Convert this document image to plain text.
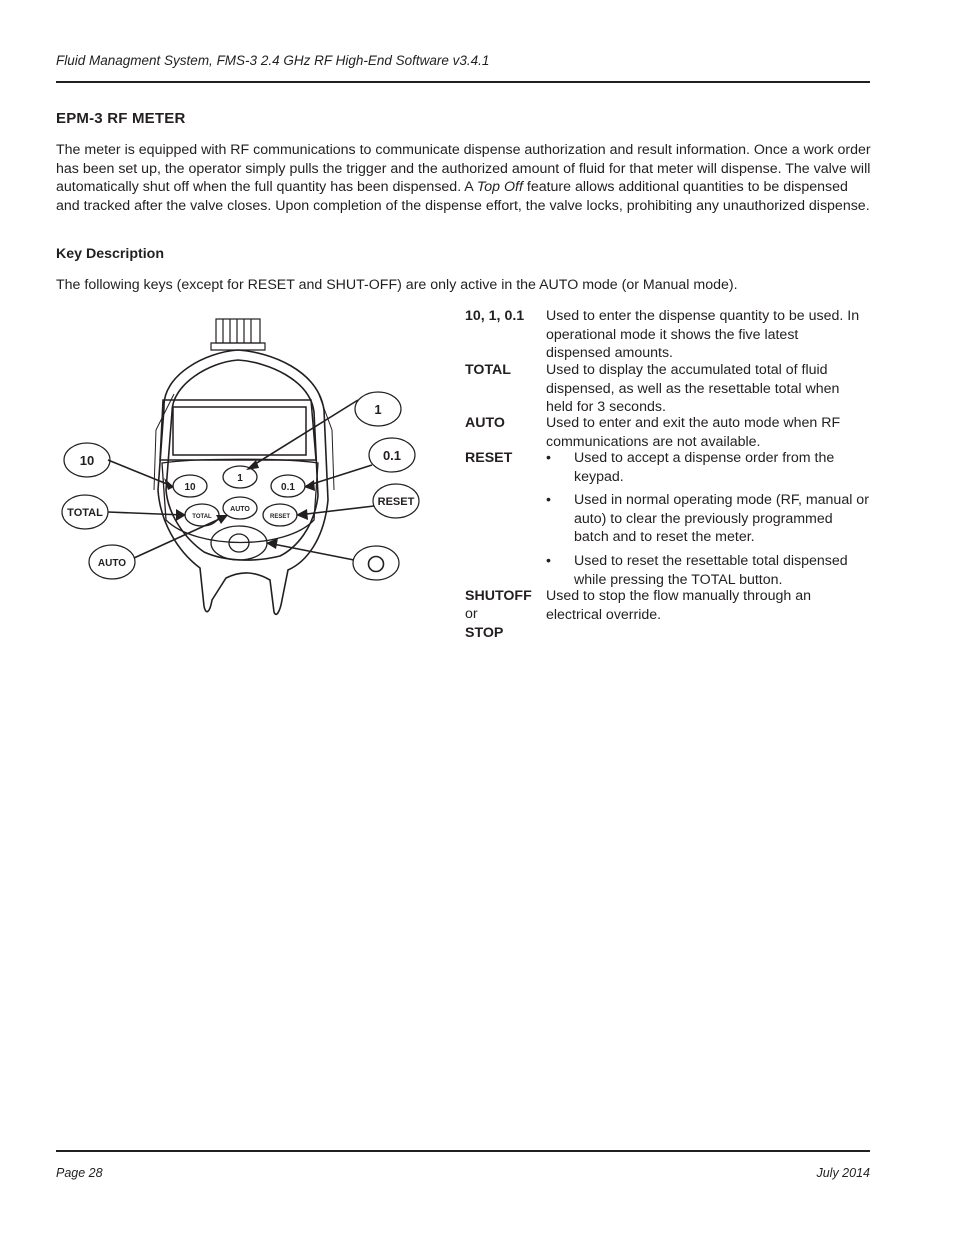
Fluid Managment System, FMS-3 2.4 GHz RF High-End Software v3.4.1
EPM-3 RF METER

The meter is equipped with RF communications to communicate dispense authorization and result information. Once a work order has been set up, the operator simply pulls the trigger and the authorized amount of fluid for that meter will dispense. The valve will automatically shut off when the full quantity has been dispensed. A Top Off feature allows additional quantities to be dispensed and tracked after the valve closes. Upon completion of the dispense effort, the valve locks, prohibiting any unauthorized dispense.

Key Description

The following keys (except for RESET and SHUT-OFF) are only active in the AUTO mode (or Manual mode).

1
10	0.1
TOTAL
AUTO
RESET
1
10	0.1
TOTAL
RESET
AUTO
10, 1, 0.1 Used to enter the dispense quantity to be used. In operational mode it shows the five latest dispensed amounts.
TOTAL Used to display the accumulated total of fluid dispensed, as well as the resettable total when held for 3 seconds.
AUTO	Used to enter and exit the auto mode when RF communications are not available.
RESET • Used to accept a dispense order from the keypad.
• Used in normal operating mode (RF, manual or auto) to clear the previously programmed batch and to reset the meter.
• Used to reset the resettable total dispensed while pressing the TOTAL button.
SHUTOFF
or
STOP
Used to stop the flow manually through an electrical override.
Page 28	July 2014
